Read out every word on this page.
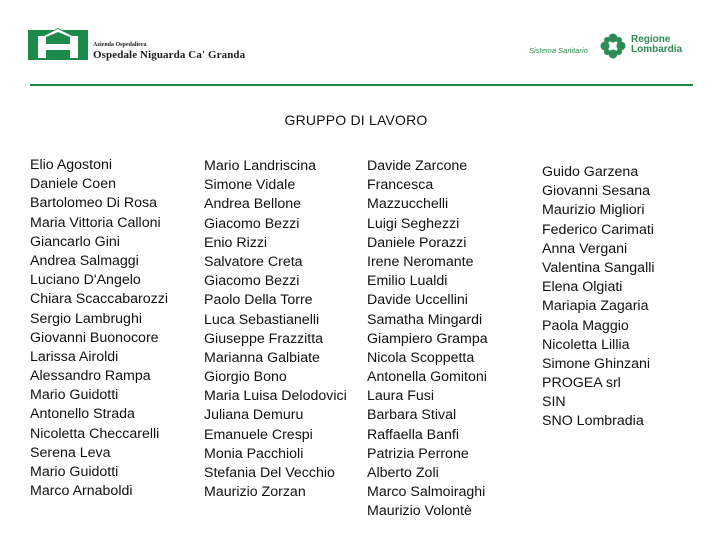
Azienda Ospedaliera
Ospedale Niguarda Ca' Granda	Sistema Sanitario
Regione
Lombardia
GRUPPO DI LAVORO
Elio Agostoni
Daniele Coen
Bartolomeo Di Rosa
Maria Vittoria Calloni
Giancarlo Gini
Andrea Salmaggi
Luciano D'Angelo
Chiara Scaccabarozzi
Sergio Lambrughi
Giovanni Buonocore
Larissa Airoldi
Alessandro Rampa
Mario Guidotti
Antonello Strada
Nicoletta Checcarelli
Serena Leva
Mario Guidotti
Marco Arnaboldi
Mario Landriscina
Simone Vidale
Andrea Bellone
Giacomo Bezzi
Enio Rizzi
Salvatore Creta
Giacomo Bezzi
Paolo Della Torre
Luca Sebastianelli
Giuseppe Frazzitta
Marianna Galbiate
Giorgio Bono
Maria Luisa Delodovici
Juliana Demuru
Emanuele Crespi
Monia Pacchioli
Stefania Del Vecchio
Maurizio Zorzan
Davide Zarcone
Francesca
Mazzucchelli
Luigi Seghezzi
Daniele Porazzi
Irene Neromante
Emilio Lualdi
Davide Uccellini
Samatha Mingardi
Giampiero Grampa
Nicola Scoppetta
Antonella Gomitoni
Laura Fusi
Barbara Stival
Raffaella Banfi
Patrizia Perrone
Alberto Zoli
Marco Salmoiraghi
Maurizio Volontè
Guido Garzena
Giovanni Sesana
Maurizio Migliori
Federico Carimati
Anna Vergani
Valentina Sangalli
Elena Olgiati
Mariapia Zagaria
Paola Maggio
Nicoletta Lillia
Simone Ghinzani
PROGEA srl
SIN
SNO Lombradia
